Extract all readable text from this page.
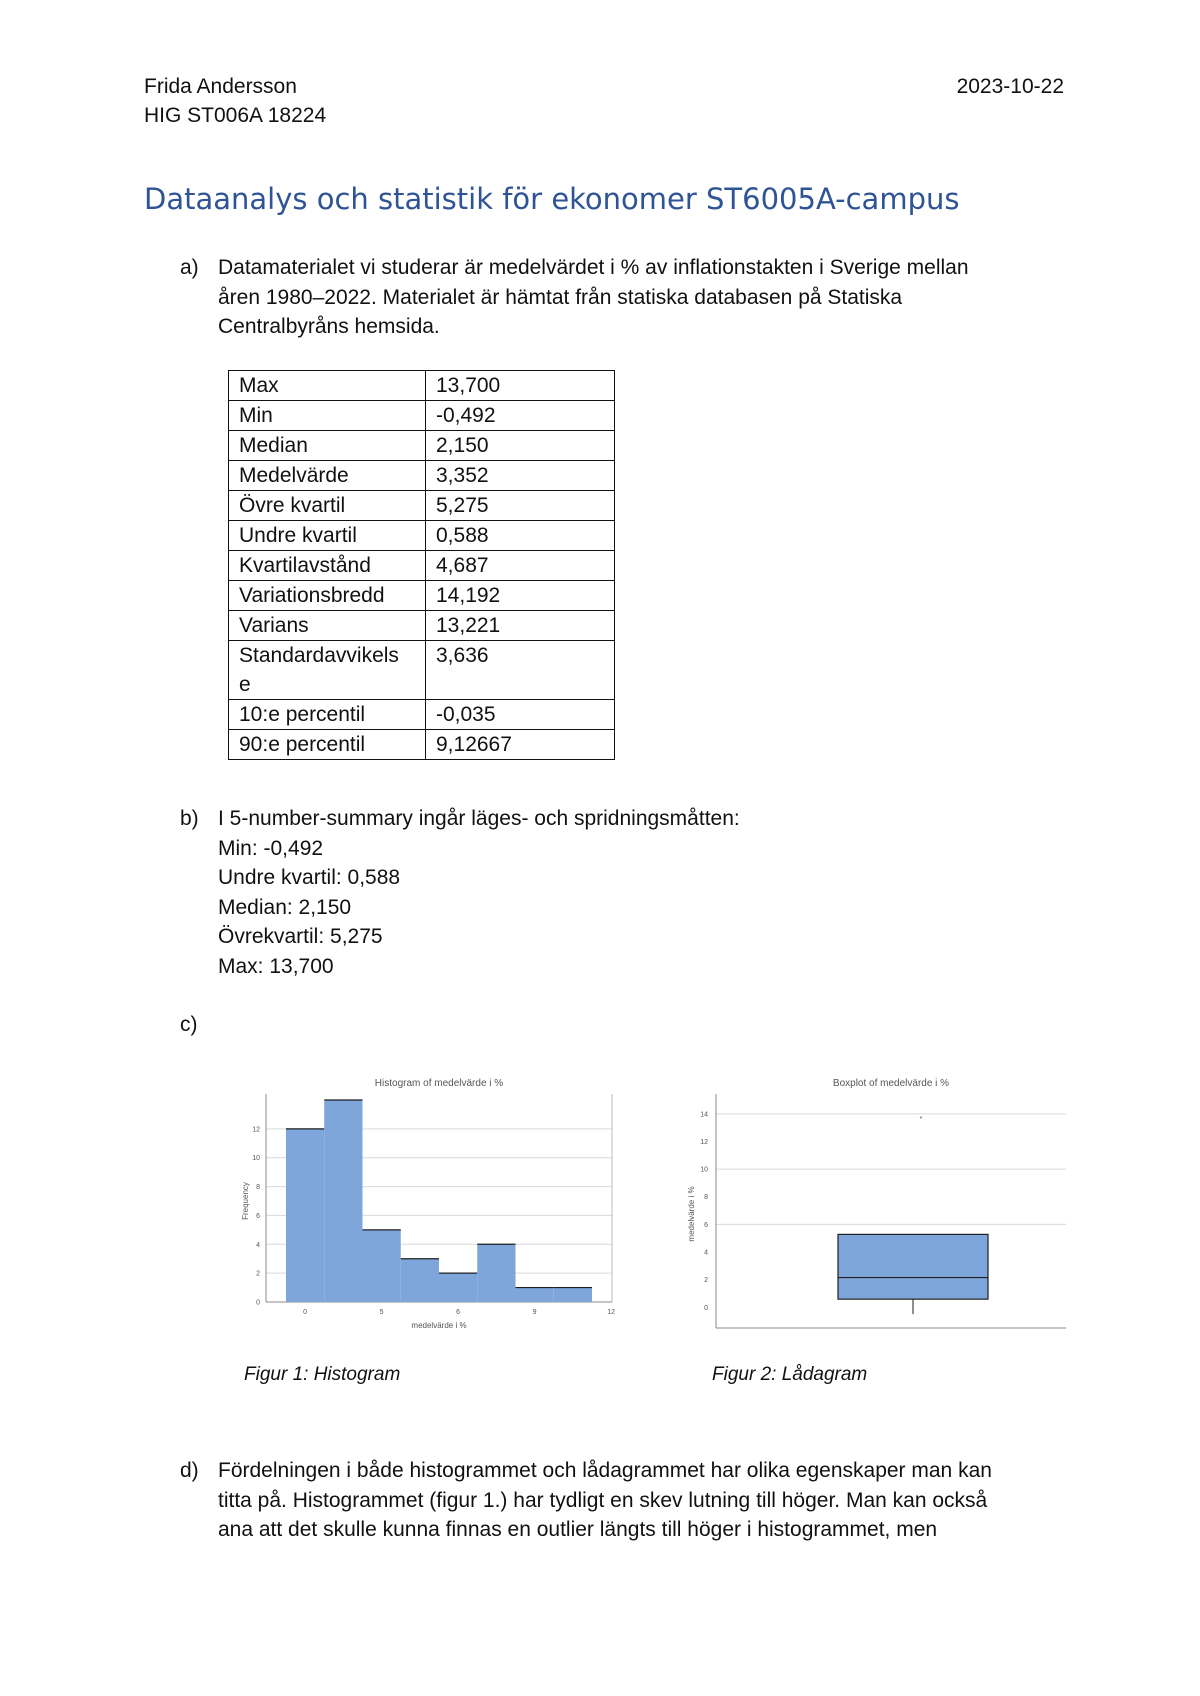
Frida Andersson
HIG ST006A 18224
2023-10-22
Dataanalys och statistik för ekonomer ST6005A-campus
a) Datamaterialet vi studerar är medelvärdet i % av inflationstakten i Sverige mellan
åren 1980–2022. Materialet är hämtat från statiska databasen på Statiska
Centralbyråns hemsida.
Max	13,700
Min	-0,492
Median	2,150
Medelvärde	3,352
Övre kvartil	5,275
Undre kvartil	0,588
Kvartilavstånd	4,687
Variationsbredd	14,192
Varians	13,221
Standardavvikels e	3,636
10:e percentil	-0,035
90:e percentil	9,12667
b) I 5-number-summary ingår läges- och spridningsmåtten:
Min: -0,492
Undre kvartil: 0,588
Median: 2,150
Övrekvartil: 5,275
Max: 13,700
c)
Histogram of medelvärde i %
0
2
4
6
8
10
12
0	5	6	9	12
medelvärde i %
Frequency
Boxplot of medelvärde i %
0
2
4
6
8
10
12
14
*
medelvärde i %
Figur 1: Histogram	Figur 2: Lådagram
d) Fördelningen i både histogrammet och lådagrammet har olika egenskaper man kan
titta på. Histogrammet (figur 1.) har tydligt en skev lutning till höger. Man kan också
ana att det skulle kunna finnas en outlier längts till höger i histogrammet, men
